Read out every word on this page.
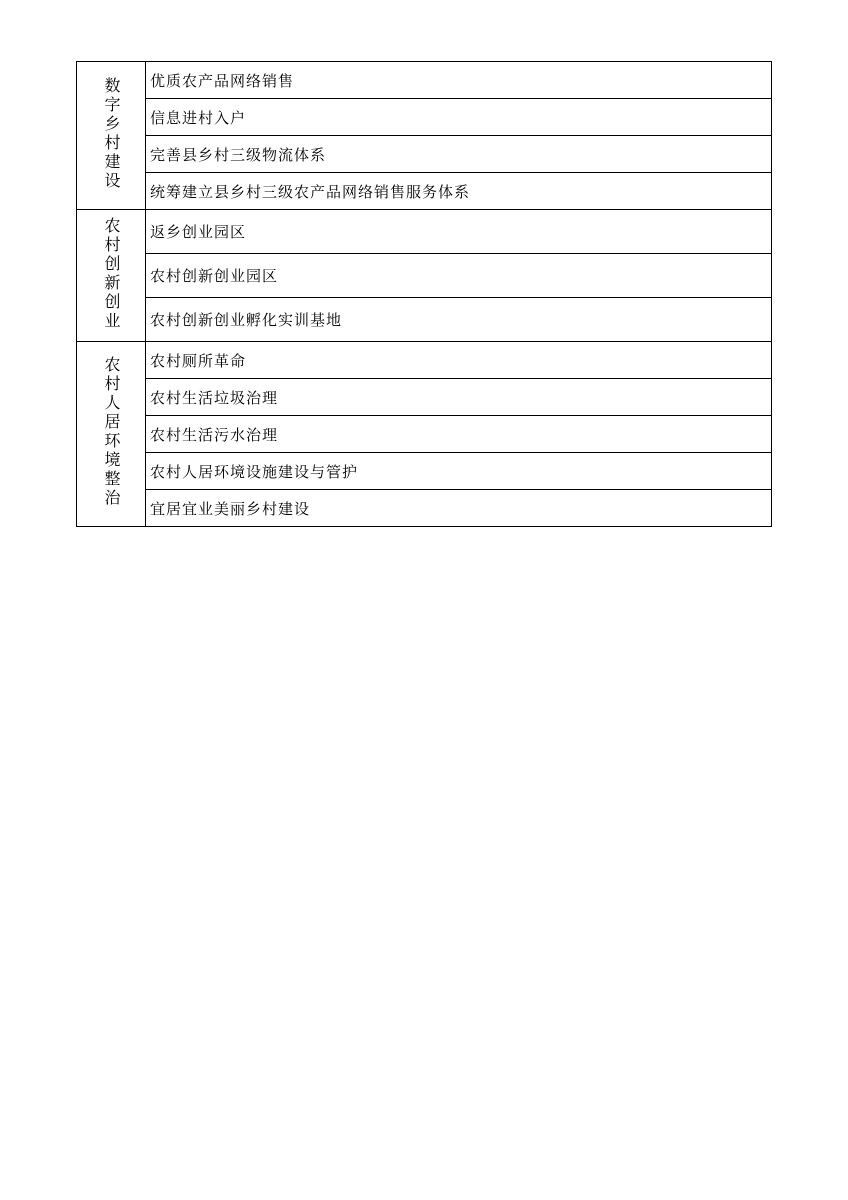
数字乡村建设	优质农产品网络销售
	信息进村入户
	完善县乡村三级物流体系
	统筹建立县乡村三级农产品网络销售服务体系
农村创新创业	返乡创业园区
	农村创新创业园区
	农村创新创业孵化实训基地
农村人居环境整治	农村厕所革命
	农村生活垃圾治理
	农村生活污水治理
	农村人居环境设施建设与管护
	宜居宜业美丽乡村建设
